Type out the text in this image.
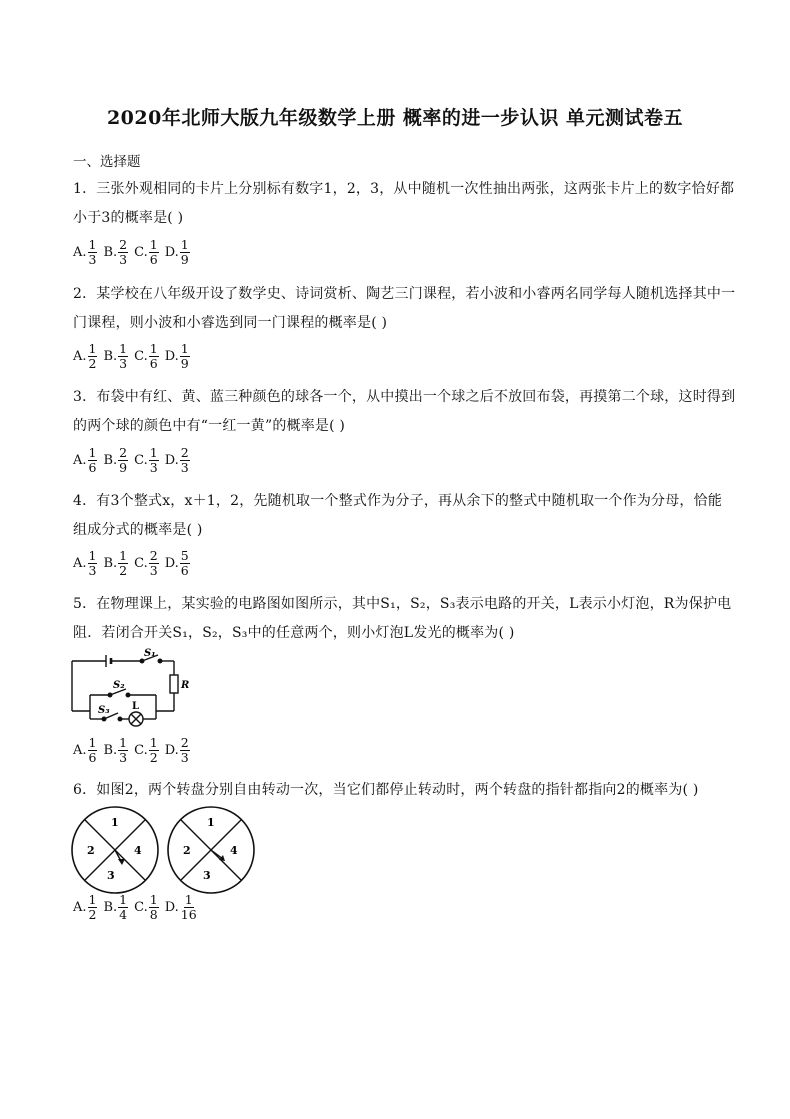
2020年北师大版九年级数学上册 概率的进一步认识 单元测试卷五
一、选择题
1．三张外观相同的卡片上分别标有数字1，2，3，从中随机一次性抽出两张，这两张卡片上的数字恰好都
小于3的概率是( )
A. $\frac{1}{3} B$. $\frac{2}{3} C$. $\frac{1}{6} D$. $\frac{1}{9}$
2．某学校在八年级开设了数学史、诗词赏析、陶艺三门课程，若小波和小睿两名同学每人随机选择其中一
门课程，则小波和小睿选到同一门课程的概率是( )
A. $\frac{1}{2} B$. $\frac{1}{3} C$. $\frac{1}{6} D$. $\frac{1}{9}$
3．布袋中有红、黄、蓝三种颜色的球各一个，从中摸出一个球之后不放回布袋，再摸第二个球，这时得到
的两个球的颜色中有“一红一黄”的概率是( )
A. $\frac{1}{6} B$. $\frac{2}{9} C$. $\frac{1}{3} D$. $\frac{2}{3}$
4．有3个整式x，x＋1，2，先随机取一个整式作为分子，再从余下的整式中随机取一个作为分母，恰能
组成分式的概率是( )
A. $\frac{1}{3} B$. $\frac{1}{2} C$. $\frac{2}{3} D$. $\frac{5}{6}$
5．在物理课上，某实验的电路图如图所示，其中S₁，S₂，S₃表示电路的开关，L表示小灯泡，R为保护电
阻．若闭合开关S₁，S₂，S₃中的任意两个，则小灯泡L发光的概率为( )
S₁
S₂
S₃ L
R
A. $\frac{1}{6} B$. $\frac{1}{3} C$. $\frac{1}{2} D$. $\frac{2}{3}$
6．如图2，两个转盘分别自由转动一次，当它们都停止转动时，两个转盘的指针都指向2的概率为( )
1
2
3
4
1
2
3
4
A. $\frac{1}{2} B$. $\frac{1}{4} C$. $\frac{1}{8} D$. $\frac{1}{16}$
